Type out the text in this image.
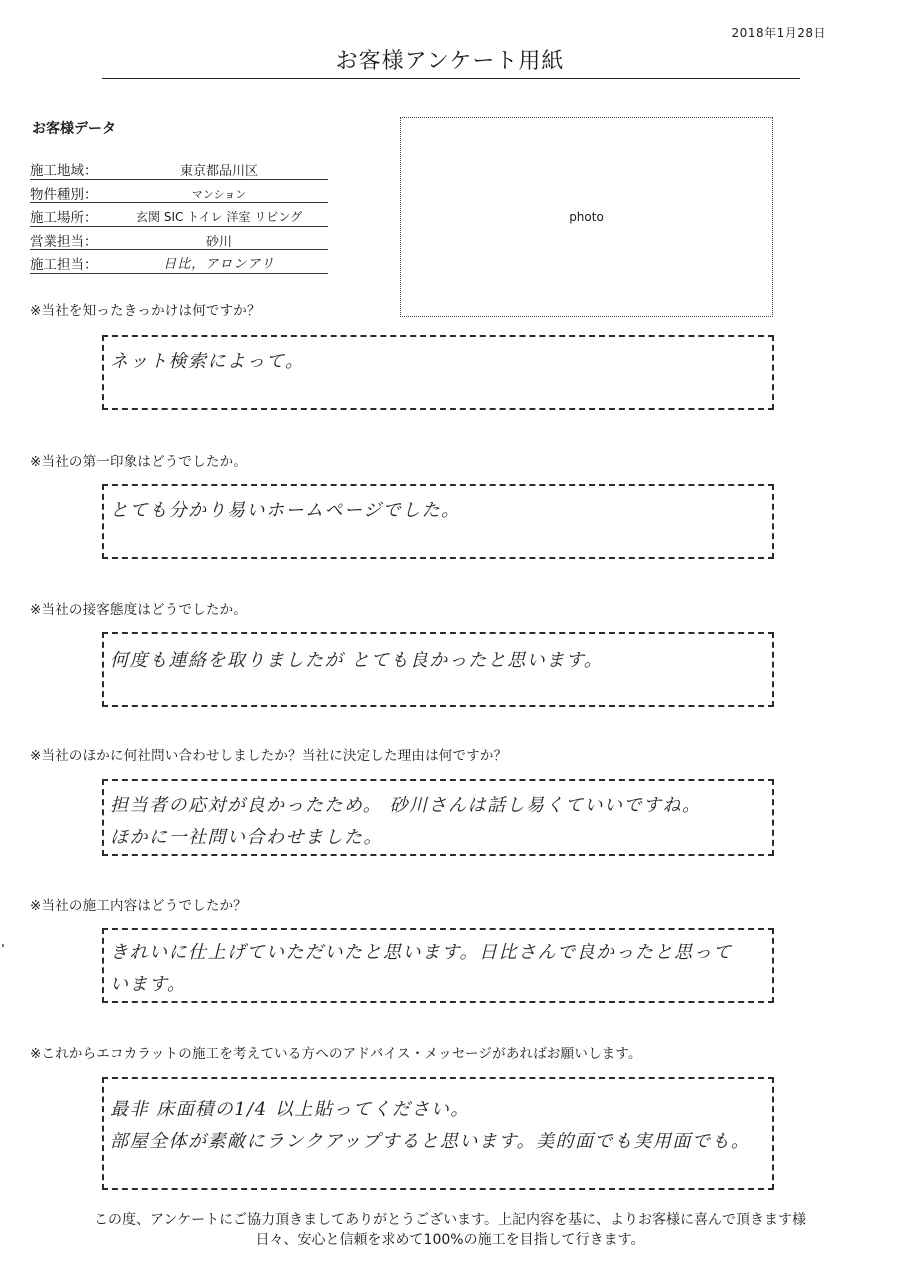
2018年1月28日
お客様アンケート用紙
お客様データ
施工地域：	東京都品川区
物件種別：	マンション
施工場所：	玄関 SIC トイレ 洋室 リビング
営業担当：	砂川
施工担当：	日比，アロンアリ
photo
※当社を知ったきっかけは何ですか？
ネット検索によって。
※当社の第一印象はどうでしたか。
とても分かり易いホームページでした。
※当社の接客態度はどうでしたか。
何度も連絡を取りましたが とても良かったと思います。
※当社のほかに何社問い合わせしましたか？当社に決定した理由は何ですか？
担当者の応対が良かったため。 砂川さんは話し易くていいですね。
ほかに一社問い合わせました。
※当社の施工内容はどうでしたか？
きれいに仕上げていただいたと思います。日比さんで良かったと思って
います。
※これからエコカラットの施工を考えている方へのアドバイス・メッセージがあればお願いします。
最非 床面積の1/4 以上貼ってください。
部屋全体が素敵にランクアップすると思います。美的面でも実用面でも。
この度、アンケートにご協力頂きましてありがとうございます。上記内容を基に、よりお客様に喜んで頂きます様
日々、安心と信頼を求めて100%の施工を目指して行きます。
